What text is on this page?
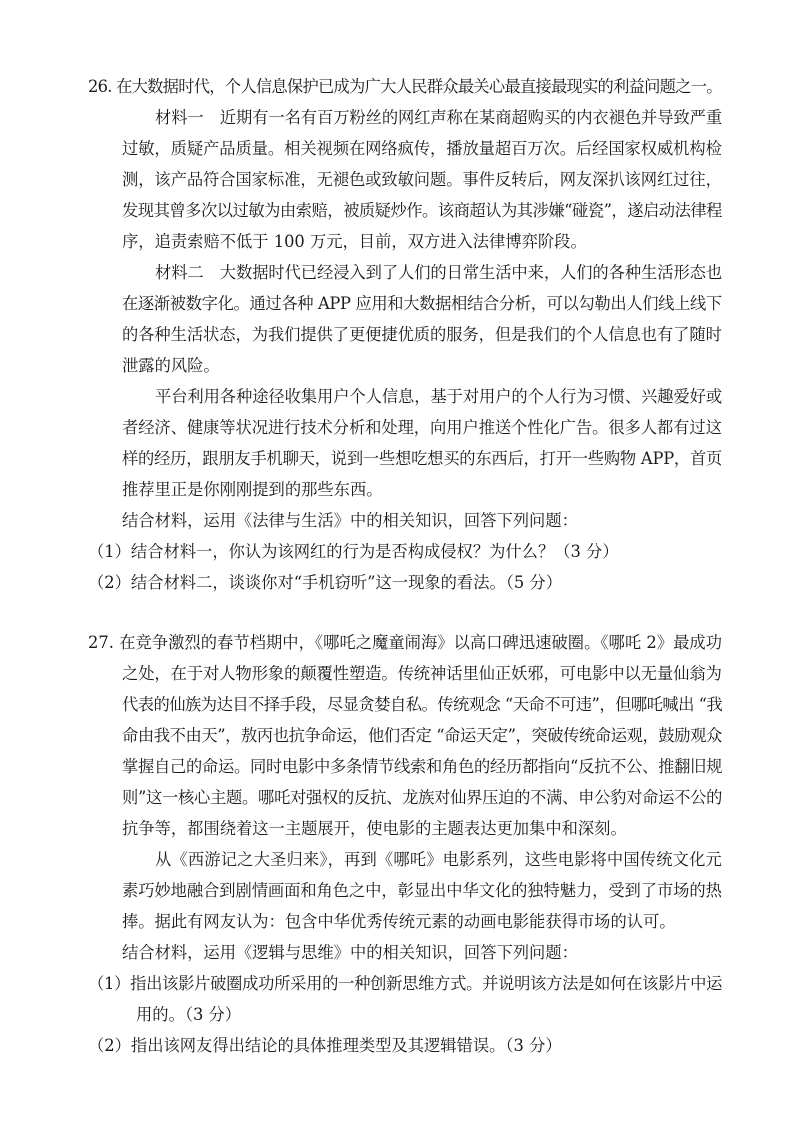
26. 在大数据时代，个人信息保护已成为广大人民群众最关心最直接最现实的利益问题之一。
材料一　近期有一名有百万粉丝的网红声称在某商超购买的内衣褪色并导致严重
过敏，质疑产品质量。相关视频在网络疯传，播放量超百万次。后经国家权威机构检
测，该产品符合国家标准，无褪色或致敏问题。事件反转后，网友深扒该网红过往，
发现其曾多次以过敏为由索赔，被质疑炒作。该商超认为其涉嫌“碰瓷”，遂启动法律程
序，追责索赔不低于 100 万元，目前，双方进入法律博弈阶段。
材料二　大数据时代已经浸入到了人们的日常生活中来，人们的各种生活形态也
在逐渐被数字化。通过各种 APP 应用和大数据相结合分析，可以勾勒出人们线上线下
的各种生活状态，为我们提供了更便捷优质的服务，但是我们的个人信息也有了随时
泄露的风险。
平台利用各种途径收集用户个人信息，基于对用户的个人行为习惯、兴趣爱好或
者经济、健康等状况进行技术分析和处理，向用户推送个性化广告。很多人都有过这
样的经历，跟朋友手机聊天，说到一些想吃想买的东西后，打开一些购物 APP，首页
推荐里正是你刚刚提到的那些东西。
结合材料，运用《法律与生活》中的相关知识，回答下列问题：
（1）结合材料一，你认为该网红的行为是否构成侵权？为什么？（3 分）
（2）结合材料二，谈谈你对“手机窃听”这一现象的看法。（5 分）
27. 在竞争激烈的春节档期中，《哪吒之魔童闹海》以高口碑迅速破圈。《哪吒 2》最成功
之处，在于对人物形象的颠覆性塑造。传统神话里仙正妖邪，可电影中以无量仙翁为
代表的仙族为达目不择手段，尽显贪婪自私。传统观念 “天命不可违”，但哪吒喊出 “我
命由我不由天”，敖丙也抗争命运，他们否定 “命运天定”，突破传统命运观，鼓励观众
掌握自己的命运。同时电影中多条情节线索和角色的经历都指向“反抗不公、推翻旧规
则”这一核心主题。哪吒对强权的反抗、龙族对仙界压迫的不满、申公豹对命运不公的
抗争等，都围绕着这一主题展开，使电影的主题表达更加集中和深刻。
从《西游记之大圣归来》，再到《哪吒》电影系列，这些电影将中国传统文化元
素巧妙地融合到剧情画面和角色之中，彰显出中华文化的独特魅力，受到了市场的热
捧。据此有网友认为：包含中华优秀传统元素的动画电影能获得市场的认可。
结合材料，运用《逻辑与思维》中的相关知识，回答下列问题：
（1）指出该影片破圈成功所采用的一种创新思维方式。并说明该方法是如何在该影片中运
用的。（3 分）
（2）指出该网友得出结论的具体推理类型及其逻辑错误。（3 分）
